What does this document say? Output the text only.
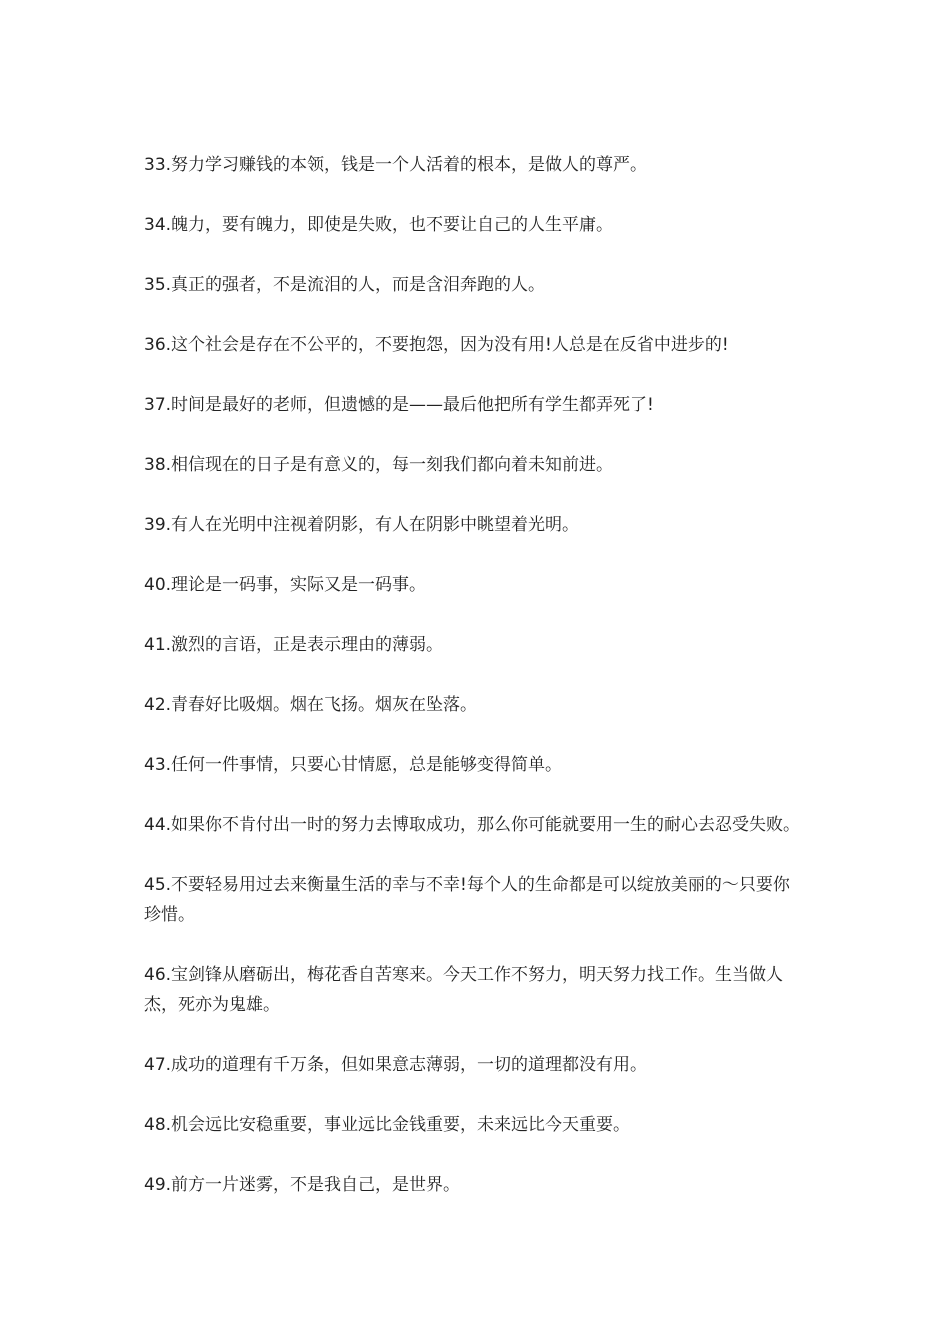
33.努力学习赚钱的本领，钱是一个人活着的根本，是做人的尊严。

34.魄力，要有魄力，即使是失败，也不要让自己的人生平庸。

35.真正的强者，不是流泪的人，而是含泪奔跑的人。

36.这个社会是存在不公平的，不要抱怨，因为没有用!人总是在反省中进步的!

37.时间是最好的老师，但遗憾的是——最后他把所有学生都弄死了!

38.相信现在的日子是有意义的，每一刻我们都向着未知前进。

39.有人在光明中注视着阴影，有人在阴影中眺望着光明。

40.理论是一码事，实际又是一码事。

41.激烈的言语，正是表示理由的薄弱。

42.青春好比吸烟。烟在飞扬。烟灰在坠落。

43.任何一件事情，只要心甘情愿，总是能够变得简单。

44.如果你不肯付出一时的努力去博取成功，那么你可能就要用一生的耐心去忍受失败。

45.不要轻易用过去来衡量生活的幸与不幸!每个人的生命都是可以绽放美丽的～只要你珍惜。

46.宝剑锋从磨砺出，梅花香自苦寒来。今天工作不努力，明天努力找工作。生当做人杰，死亦为鬼雄。

47.成功的道理有千万条，但如果意志薄弱，一切的道理都没有用。

48.机会远比安稳重要，事业远比金钱重要，未来远比今天重要。

49.前方一片迷雾，不是我自己，是世界。
